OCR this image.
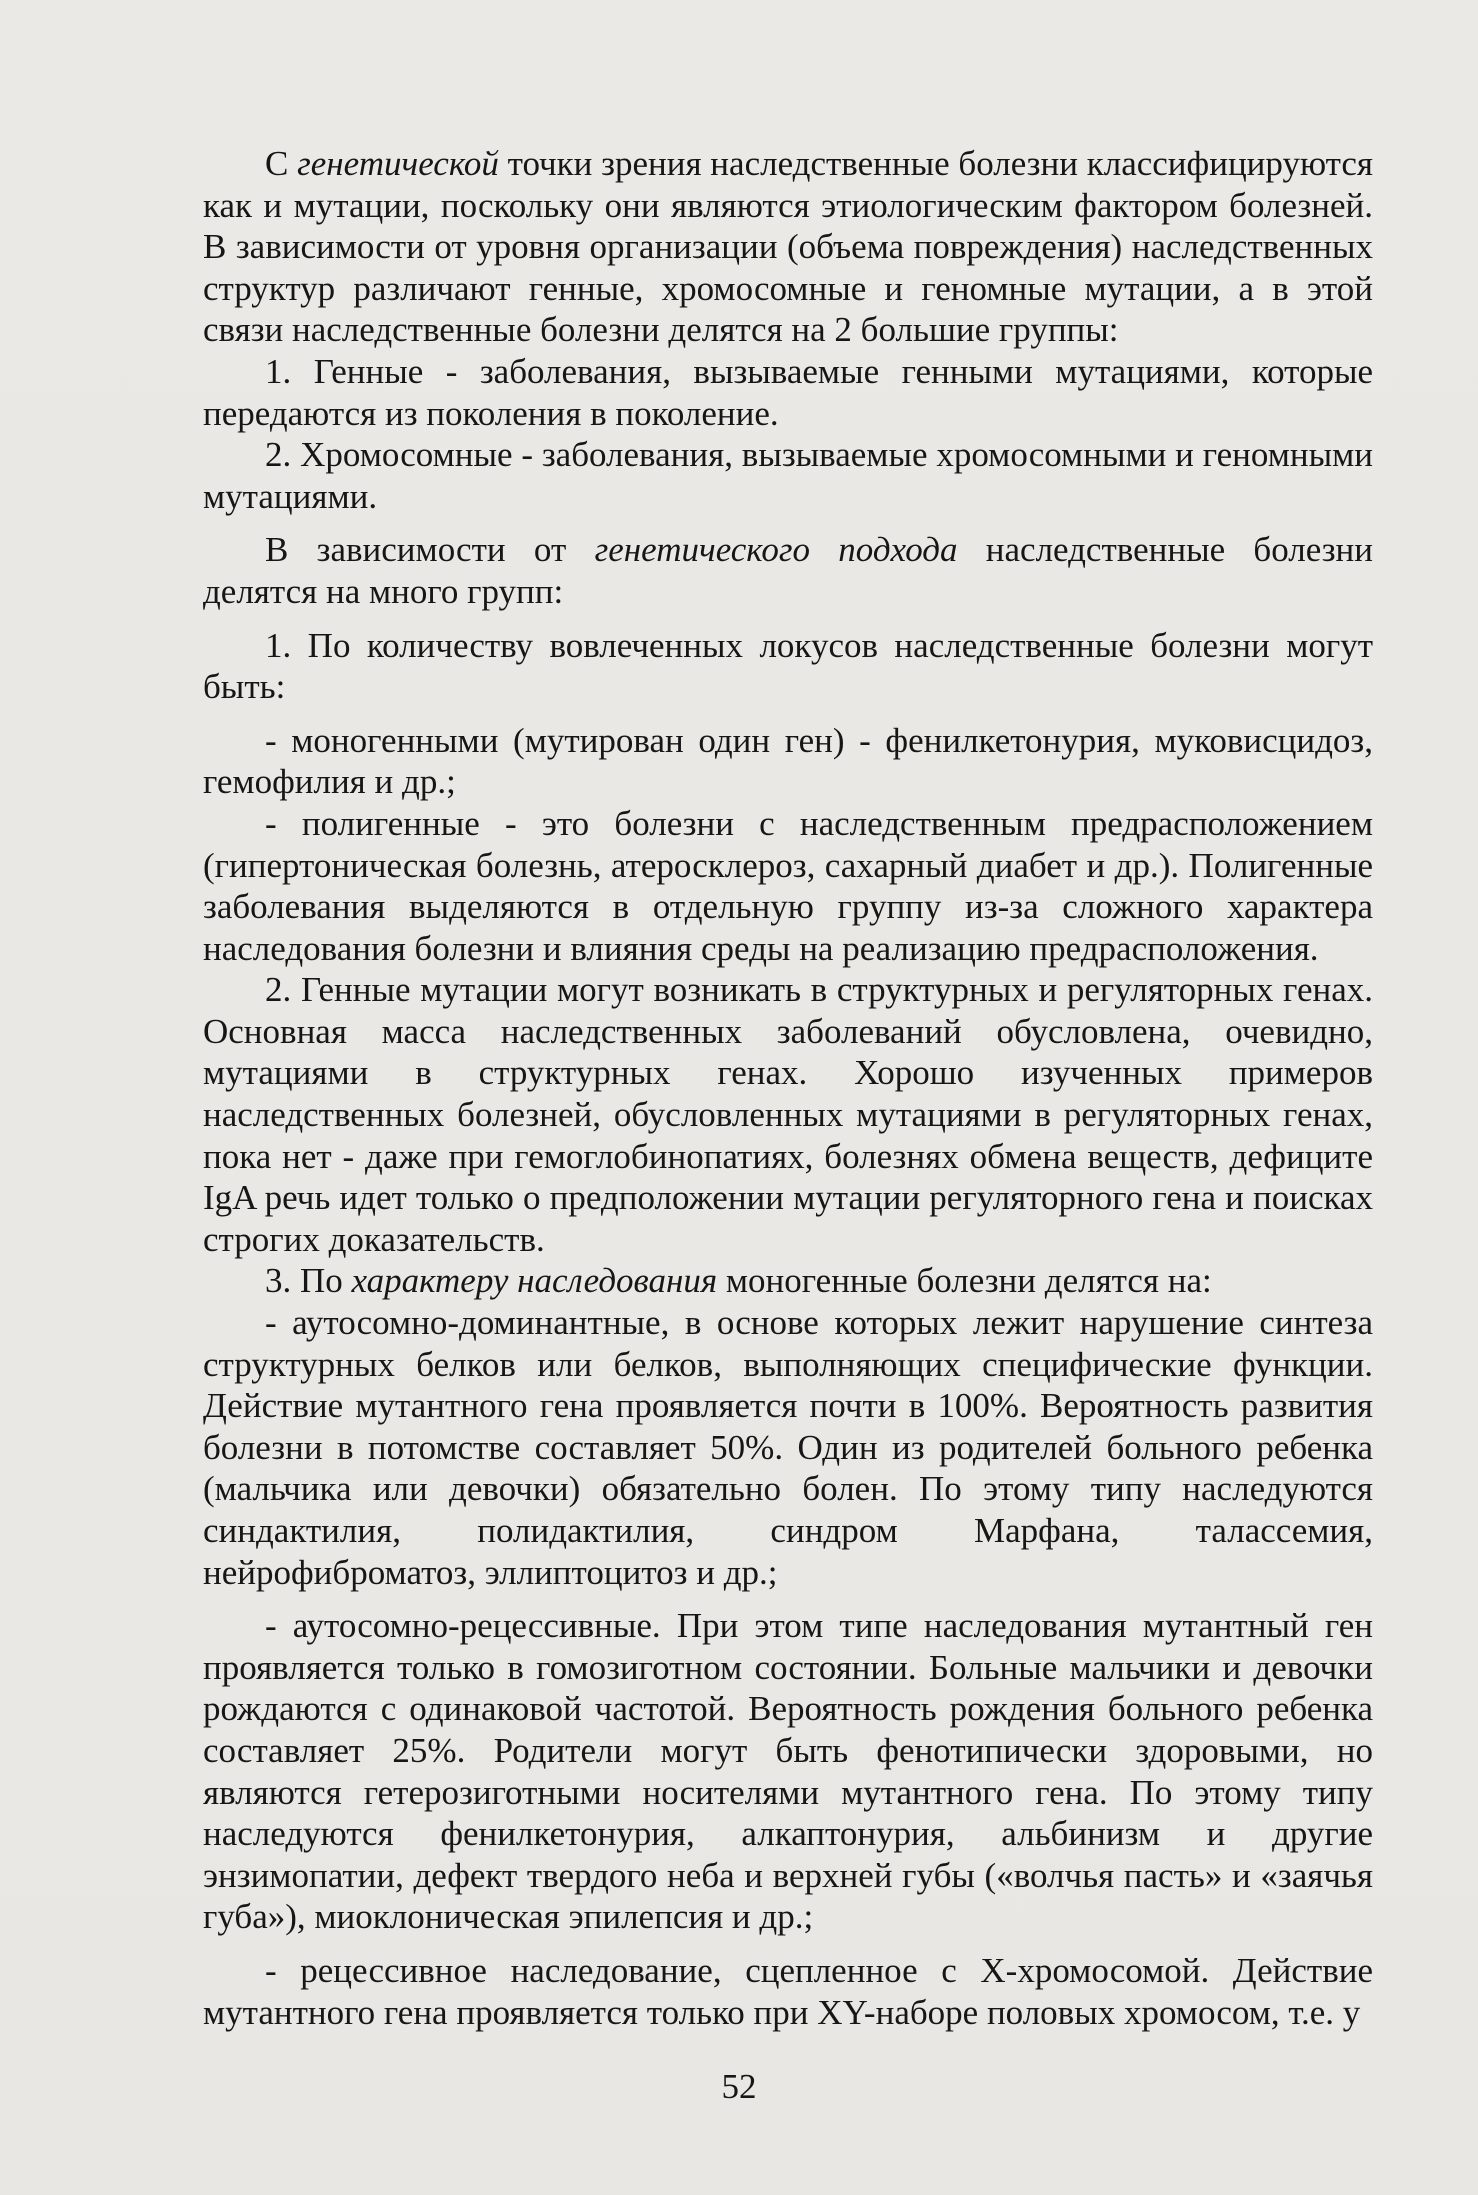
С генетической точки зрения наследственные болезни классифицируются как и мутации, поскольку они являются этиологическим фактором болезней. В зависимости от уровня организации (объема повреждения) наследственных структур различают генные, хромосомные и геномные мутации, а в этой связи наследственные болезни делятся на 2 большие группы:

1. Генные - заболевания, вызываемые генными мутациями, которые передаются из поколения в поколение.

2. Хромосомные - заболевания, вызываемые хромосомными и геномными мутациями.

В зависимости от генетического подхода наследственные болезни делятся на много групп:

1. По количеству вовлеченных локусов наследственные болезни могут быть:

- моногенными (мутирован один ген) - фенилкетонурия, муковисцидоз, гемофилия и др.;

- полигенные - это болезни с наследственным предрасположением (гипертоническая болезнь, атеросклероз, сахарный диабет и др.). Полигенные заболевания выделяются в отдельную группу из-за сложного характера наследования болезни и влияния среды на реализацию предрасположения.

2. Генные мутации могут возникать в структурных и регуляторных генах. Основная масса наследственных заболеваний обусловлена, очевидно, мутациями в структурных генах. Хорошо изученных примеров наследственных болезней, обусловленных мутациями в регуляторных генах, пока нет - даже при гемоглобинопатиях, болезнях обмена веществ, дефиците IgA речь идет только о предположении мутации регуляторного гена и поисках строгих доказательств.

3. По характеру наследования моногенные болезни делятся на:

- аутосомно-доминантные, в основе которых лежит нарушение синтеза структурных белков или белков, выполняющих специфические функции. Действие мутантного гена проявляется почти в 100%. Вероятность развития болезни в потомстве составляет 50%. Один из родителей больного ребенка (мальчика или девочки) обязательно болен. По этому типу наследуются синдактилия, полидактилия, синдром Марфана, талассемия, нейрофиброматоз, эллиптоцитоз и др.;

- аутосомно-рецессивные. При этом типе наследования мутантный ген проявляется только в гомозиготном состоянии. Больные мальчики и девочки рождаются с одинаковой частотой. Вероятность рождения больного ребенка составляет 25%. Родители могут быть фенотипически здоровыми, но являются гетерозиготными носителями мутантного гена. По этому типу наследуются фенилкетонурия, алкаптонурия, альбинизм и другие энзимопатии, дефект твердого неба и верхней губы («волчья пасть» и «заячья губа»), миоклоническая эпилепсия и др.;

- рецессивное наследование, сцепленное с Х-хромосомой. Действие мутантного гена проявляется только при XY-наборе половых хромосом, т.е. у

52
